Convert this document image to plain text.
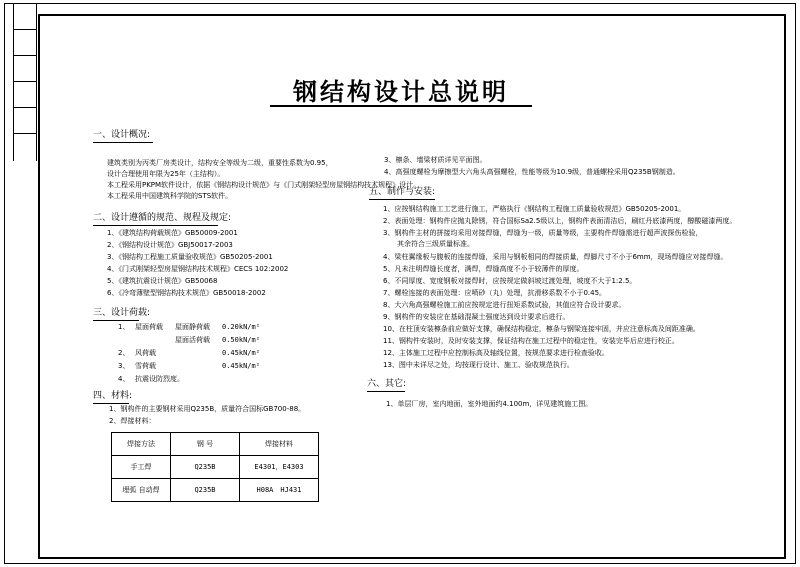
钢结构设计总说明
一、设计概况:
建筑类别为丙类厂房类设计，结构安全等级为二级，重要性系数为0.95，
设计合理使用年限为25年（主结构）。
本工程采用PKPM软件设计，依据《钢结构设计规范》与《门式刚架轻型房屋钢结构技术规程》设计。
本工程采用中国建筑科学院的STS软件。
二、设计遵循的规范、规程及规定:
1、《建筑结构荷载规范》GB50009-2001
2、《钢结构设计规范》GBJ50017-2003
3、《钢结构工程施工质量验收规范》GB50205-2001
4、《门式刚架轻型房屋钢结构技术规程》CECS 102:2002
5、《建筑抗震设计规范》GB50068
6、《冷弯薄壁型钢结构技术规范》GB50018-2002
三、设计荷载:
1、 屋面荷载 屋面静荷载 0.20kN/m²
屋面活荷载 0.50kN/m²
2、 风荷载	0.45kN/m²
3、 雪荷载	0.45kN/m²
4、 抗震设防烈度。
四、材料:
1、钢构件的主要钢材采用Q235B，质量符合国标GB700-88。
2、焊接材料：
焊接方法	钢 号	焊接材料
手工焊	Q235B	E4301，E4303
埋弧 自动焊	Q235B	H08A　HJ431
3、檩条、墙梁材质详见平面图。
4、高强度螺栓为摩擦型大六角头高强螺栓，性能等级为10.9级，普通螺栓采用Q235B钢制造。
五、制作与安装:
1、应按钢结构施工工艺进行施工，严格执行《钢结构工程施工质量验收规范》GB50205-2001。
2、表面处理：钢构件应抛丸除锈，符合国标Sa2.5级以上，钢构件表面清洁后，刷红丹底漆两度，醇酸磁漆两度。
3、钢构件主材的拼接均采用对接焊缝，焊缝为一级，质量等级，主要构件焊缝需进行超声波探伤检验，
　　其余符合三级质量标准。
4、梁柱翼缘板与腹板的连接焊缝，采用与钢板相同的焊接质量，焊脚尺寸不小于6mm，现场焊缝应对接焊缝。
5、凡未注明焊缝长度者，满焊，焊缝高度不小于较薄件的厚度。
6、不同厚度、宽度钢板对接焊时，应按规定做斜坡过渡处理，坡度不大于1:2.5。
7、螺栓连接的表面处理：应喷砂（丸）处理，抗滑移系数不小于0.45。
8、大六角高强螺栓施工前应按规定进行扭矩系数试验，其值应符合设计要求。
9、钢构件的安装应在基础混凝土强度达到设计要求后进行。
10、在柱顶安装檩条前应做好支撑，确保结构稳定，檩条与钢梁连接牢固，并应注意标高及间距准确。
11、钢构件安装时，及时安装支撑，保证结构在施工过程中的稳定性，安装完毕后应进行校正。
12、主体施工过程中应控制标高及轴线位置，按规范要求进行检查验收。
13、图中未详尽之处，均按现行设计、施工、验收规范执行。
六、其它:
1、单层厂房，室内地面，室外地面约4.100m，详见建筑施工图。
